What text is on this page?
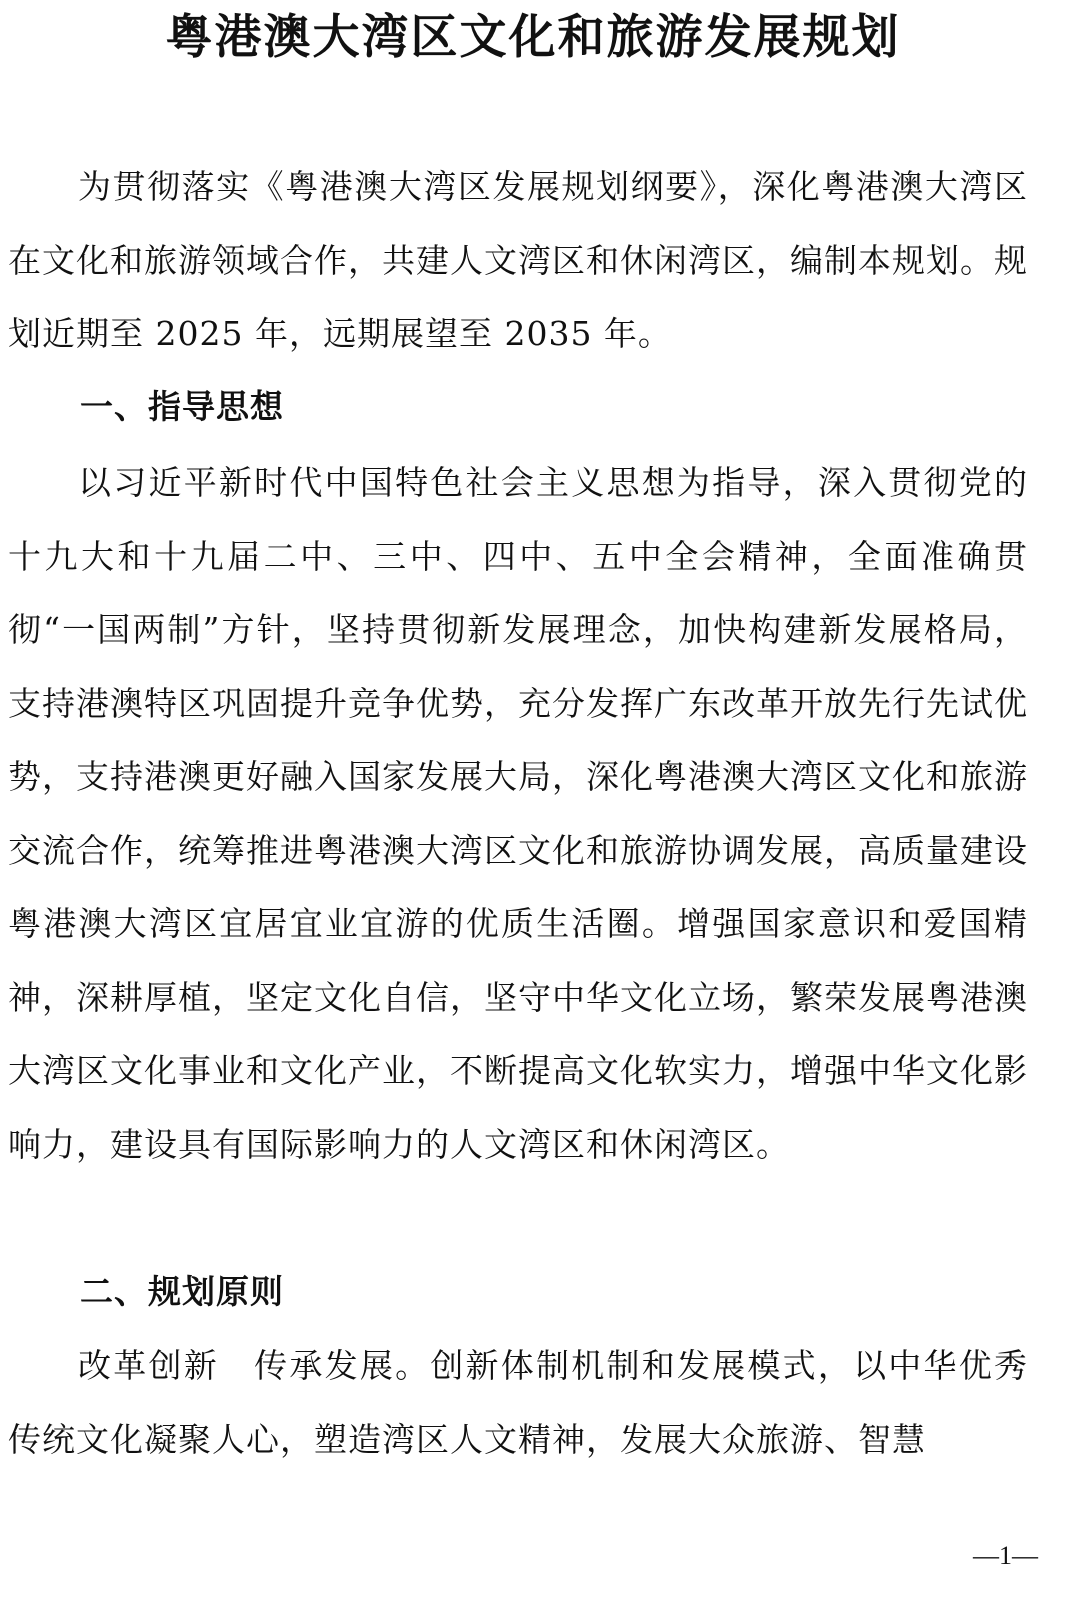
粤港澳大湾区文化和旅游发展规划

为贯彻落实《粤港澳大湾区发展规划纲要》，深化粤港澳大湾区在文化和旅游领域合作，共建人文湾区和休闲湾区，编制本规划。规划近期至 2025 年，远期展望至 2035 年。

一、指导思想

以习近平新时代中国特色社会主义思想为指导，深入贯彻党的十九大和十九届二中、三中、四中、五中全会精神，全面准确贯彻“一国两制”方针，坚持贯彻新发展理念，加快构建新发展格局，支持港澳特区巩固提升竞争优势，充分发挥广东改革开放先行先试优势，支持港澳更好融入国家发展大局，深化粤港澳大湾区文化和旅游交流合作，统筹推进粤港澳大湾区文化和旅游协调发展，高质量建设粤港澳大湾区宜居宜业宜游的优质生活圈。增强国家意识和爱国精神，深耕厚植，坚定文化自信，坚守中华文化立场，繁荣发展粤港澳大湾区文化事业和文化产业，不断提高文化软实力，增强中华文化影响力，建设具有国际影响力的人文湾区和休闲湾区。

二、规划原则

改革创新　传承发展。创新体制机制和发展模式，以中华优秀传统文化凝聚人心，塑造湾区人文精神，发展大众旅游、智慧

—1—
